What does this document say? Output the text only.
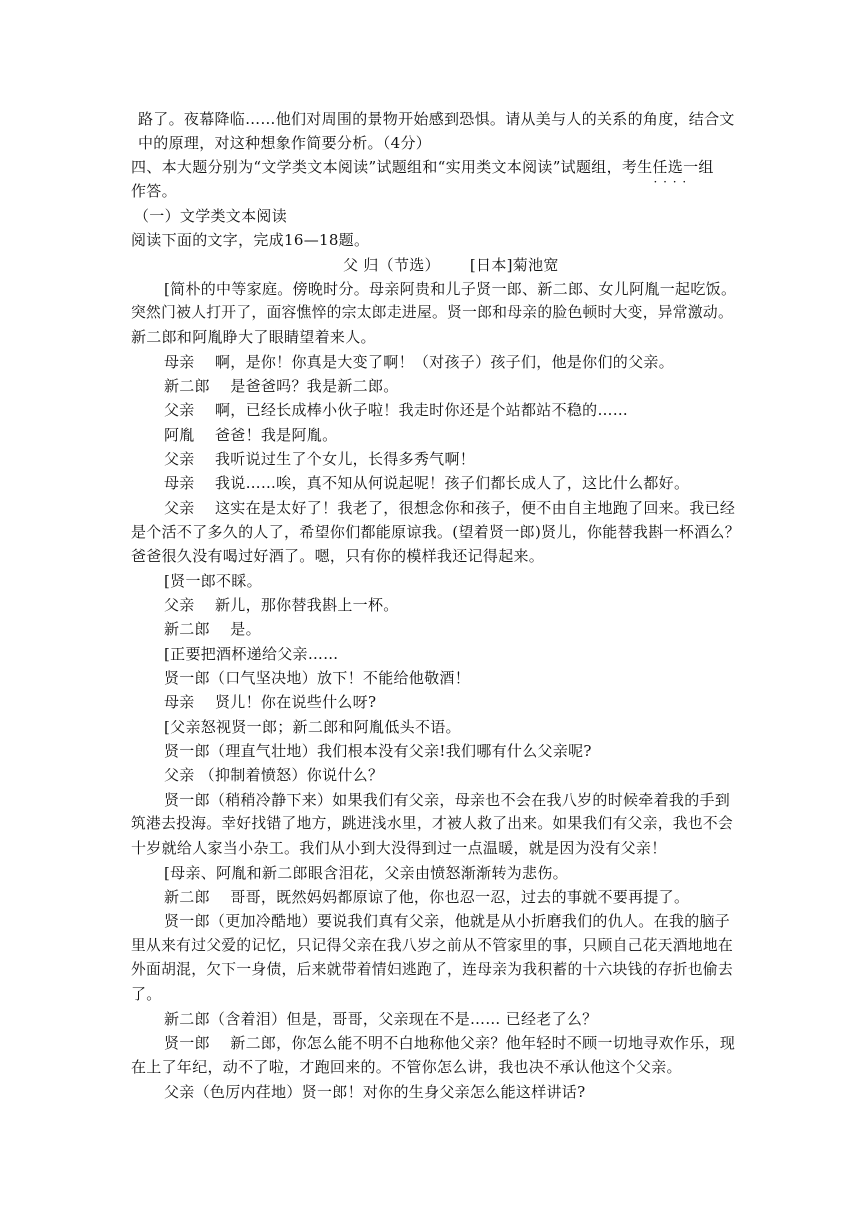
路了。夜幕降临……他们对周围的景物开始感到恐惧。请从美与人的关系的角度，结合文
中的原理，对这种想象作简要分析。（4分）
四、本大题分别为“文学类文本阅读”试题组和“实用类文本阅读”试题组，考生任选一 · · · ·组
作答。
（一）文学类文本阅读
阅读下面的文字，完成16—18题。
父 归（节选） [日本]菊池宽
[简朴的中等家庭。傍晚时分。母亲阿贵和儿子贤一郎、新二郎、女儿阿胤一起吃饭。
突然门被人打开了，面容憔悴的宗太郎走进屋。贤一郎和母亲的脸色顿时大变，异常激动。
新二郎和阿胤睁大了眼睛望着来人。
母亲　 啊，是你！你真是大变了啊！（对孩子）孩子们，他是你们的父亲。
新二郎　 是爸爸吗？我是新二郎。
父亲　 啊，已经长成棒小伙子啦！我走时你还是个站都站不稳的……
阿胤　 爸爸！我是阿胤。
父亲　 我听说过生了个女儿，长得多秀气啊！
母亲　 我说……唉，真不知从何说起呢！孩子们都长成人了，这比什么都好。
父亲　 这实在是太好了！我老了，很想念你和孩子，便不由自主地跑了回来。我已经
是个活不了多久的人了，希望你们都能原谅我。(望着贤一郎)贤儿，你能替我斟一杯酒么？
爸爸很久没有喝过好酒了。嗯，只有你的模样我还记得起来。
[贤一郎不睬。
父亲　 新儿，那你替我斟上一杯。
新二郎　 是。
[正要把酒杯递给父亲……
贤一郎（口气坚决地）放下！不能给他敬酒！
母亲　 贤儿！你在说些什么呀?
[父亲怒视贤一郎；新二郎和阿胤低头不语。
贤一郎（理直气壮地）我们根本没有父亲!我们哪有什么父亲呢?
父亲 （抑制着愤怒）你说什么？
贤一郎（稍稍冷静下来）如果我们有父亲，母亲也不会在我八岁的时候牵着我的手到
筑港去投海。幸好找错了地方，跳进浅水里，才被人救了出来。如果我们有父亲，我也不会
十岁就给人家当小杂工。我们从小到大没得到过一点温暖，就是因为没有父亲！
[母亲、阿胤和新二郎眼含泪花，父亲由愤怒渐渐转为悲伤。
新二郎　 哥哥，既然妈妈都原谅了他，你也忍一忍，过去的事就不要再提了。
贤一郎（更加冷酷地）要说我们真有父亲，他就是从小折磨我们的仇人。在我的脑子
里从来有过父爱的记忆，只记得父亲在我八岁之前从不管家里的事，只顾自己花天酒地地在
外面胡混，欠下一身债，后来就带着情妇逃跑了，连母亲为我积蓄的十六块钱的存折也偷去
了。
新二郎（含着泪）但是，哥哥，父亲现在不是…… 已经老了么？
贤一郎　 新二郎，你怎么能不明不白地称他父亲？他年轻时不顾一切地寻欢作乐，现
在上了年纪，动不了啦，才跑回来的。不管你怎么讲，我也决不承认他这个父亲。
父亲（色厉内荏地）贤一郎！对你的生身父亲怎么能这样讲话?
